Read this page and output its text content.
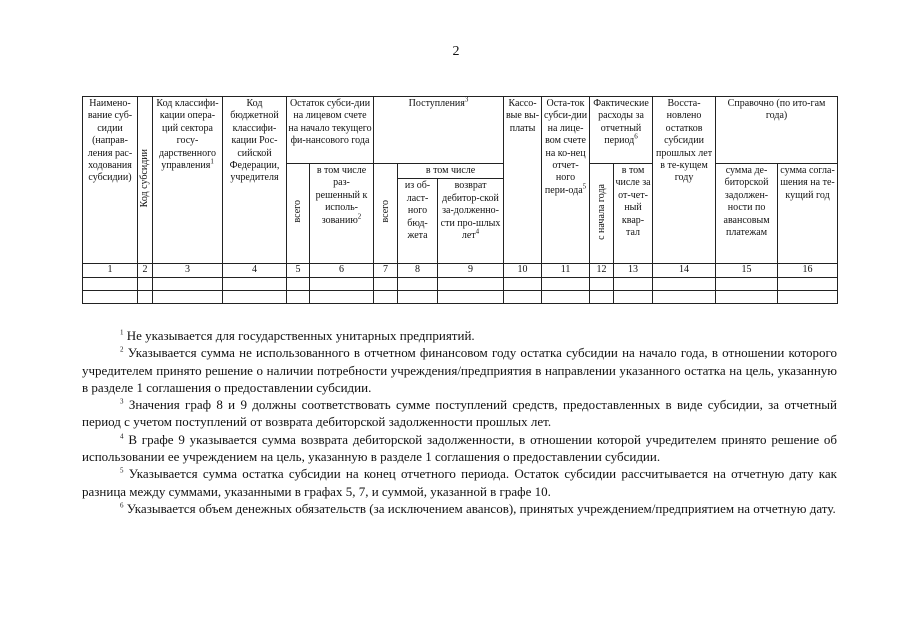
2
Наимено-вание суб-сидии (направ-ления рас-ходования субсидии)	Код субсидии	Код классифи-кации опера-ций сектора госу-дарственного управления$^1$	Код бюджетной классифи-кации Рос-сийской Федерации, учредителя	Остаток субси-дии на лицевом счете на начало текущего фи-нансового года		Поступления$^3$			Кассо-вые вы-платы	Оста-ток субси-дии на лице-вом счете на ко-нец отчет-ного пери-ода$^5$	Фактические расходы за отчетный период$^6$		Восста-новлено остатков субсидии прошлых лет в те-кущем году	Справочно (по ито-гам года)	
				всего	в том числе раз-решенный к исполь-зованию$^2$	всего	в том числе				с начала года	в том числе за от-чет-ный квар-тал		сумма де-биторской задолжен-ности по авансовым платежам	сумма согла-шения на те-кущий год
							из об-ласт-ного бюд-жета	возврат дебитор-ской за-долженно-сти про-шлых лет$^4$
1	2	3	4	5	6	7	8	9	10	11	12	13	14	15	16

$^1$ Не указывается для государственных унитарных предприятий.
$^2$ Указывается сумма не использованного в отчетном финансовом году остатка субсидии на начало года, в отношении которого учредителем принято решение о наличии потребности учреждения/предприятия в направлении указанного остатка на цель, указанную в разделе 1 соглашения о предоставлении субсидии.
$^3$ Значения граф 8 и 9 должны соответствовать сумме поступлений средств, предоставленных в виде субсидии, за отчетный период с учетом поступлений от возврата дебиторской задолженности прошлых лет.
$^4$ В графе 9 указывается сумма возврата дебиторской задолженности, в отношении которой учредителем принято решение об использовании ее учреждением на цель, указанную в разделе 1 соглашения о предоставлении субсидии.
$^5$ Указывается сумма остатка субсидии на конец отчетного периода. Остаток субсидии рассчитывается на отчетную дату как разница между суммами, указанными в графах 5, 7, и суммой, указанной в графе 10.
$^6$ Указывается объем денежных обязательств (за исключением авансов), принятых учреждением/предприятием на отчетную дату.
